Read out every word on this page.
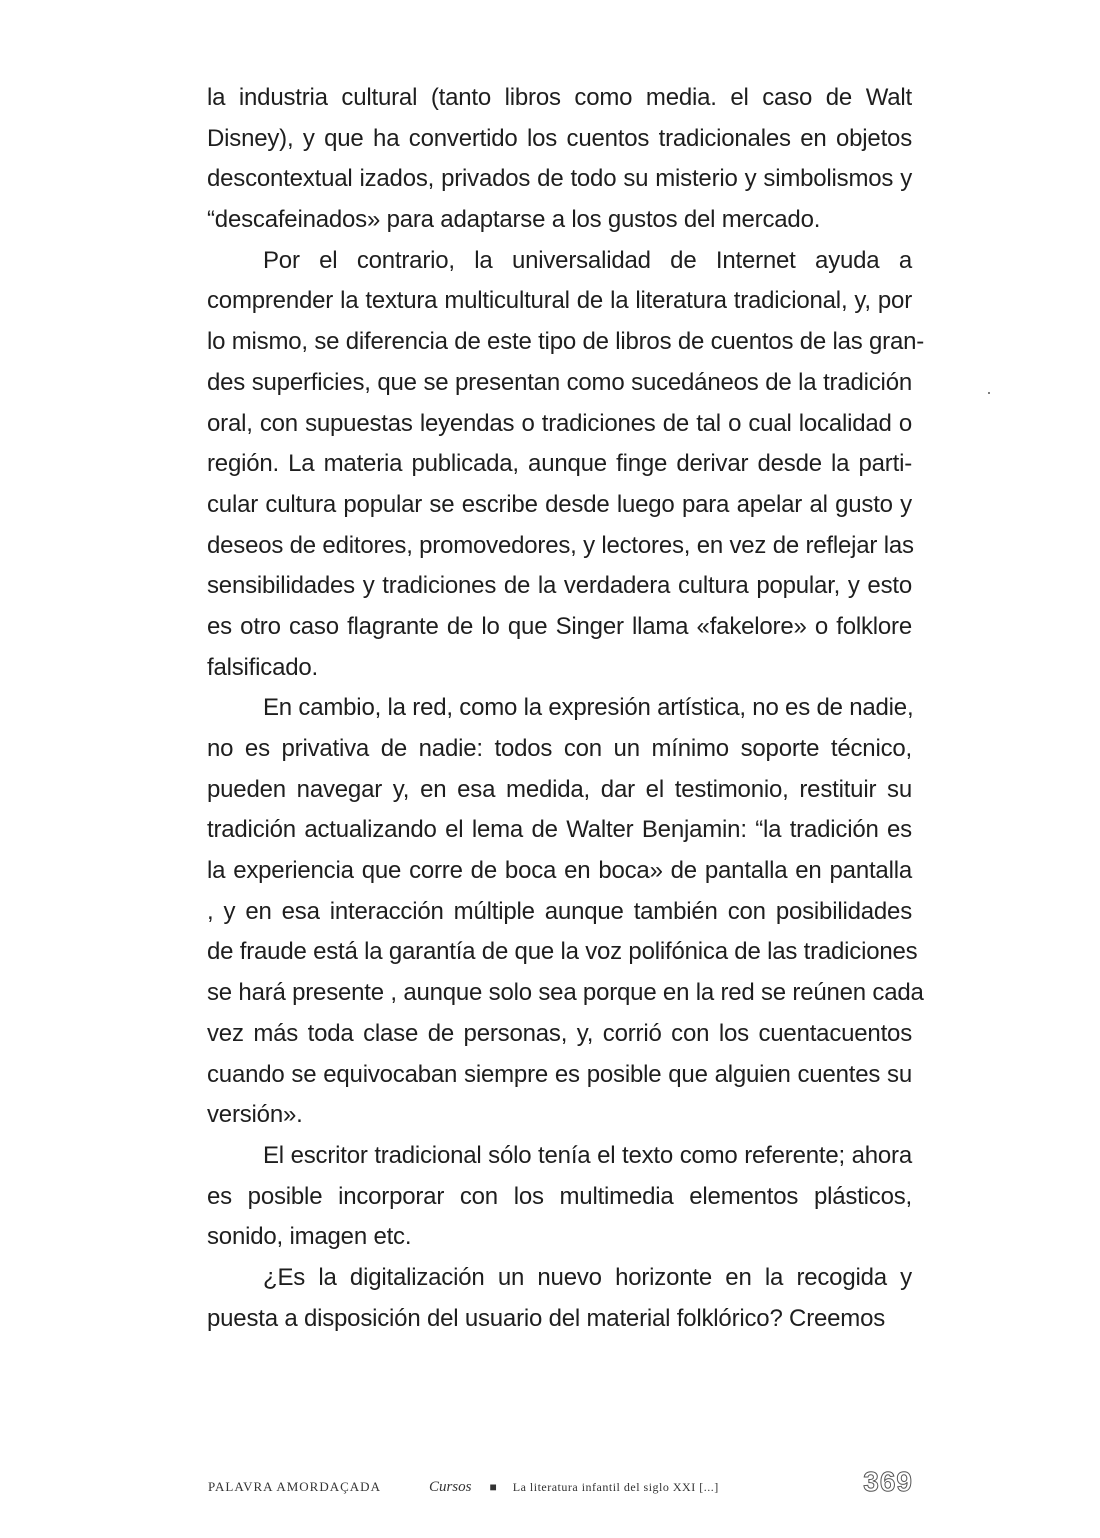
la industria cultural (tanto libros como media. el caso de Walt
Disney), y que ha convertido los cuentos tradicionales en objetos
descontextual izados, privados de todo su misterio y simbolismos y
“descafeinados» para adaptarse a los gustos del mercado.
Por el contrario, la universalidad de Internet ayuda a
comprender la textura multicultural de la literatura tradicional, y, por
lo mismo, se diferencia de este tipo de libros de cuentos de las gran-
des superficies, que se presentan como sucedáneos de la tradición
oral, con supuestas leyendas o tradiciones de tal o cual localidad o
región. La materia publicada, aunque finge derivar desde la parti-
cular cultura popular se escribe desde luego para apelar al gusto y
deseos de editores, promovedores, y lectores, en vez de reflejar las
sensibilidades y tradiciones de la verdadera cultura popular, y esto
es otro caso flagrante de lo que Singer llama «fakelore» o folklore
falsificado.
En cambio, la red, como la expresión artística, no es de nadie,
no es privativa de nadie: todos con un mínimo soporte técnico,
pueden navegar y, en esa medida, dar el testimonio, restituir su
tradición actualizando el lema de Walter Benjamin: “la tradición es
la experiencia que corre de boca en boca» de pantalla en pantalla
, y en esa interacción múltiple aunque también con posibilidades
de fraude está la garantía de que la voz polifónica de las tradiciones
se hará presente , aunque solo sea porque en la red se reúnen cada
vez más toda clase de personas, y, corrió con los cuentacuentos
cuando se equivocaban siempre es posible que alguien cuentes su
versión».
El escritor tradicional sólo tenía el texto como referente; ahora
es posible incorporar con los multimedia elementos plásticos,
sonido, imagen etc.
¿Es la digitalización un nuevo horizonte en la recogida y
puesta a disposición del usuario del material folklórico? Creemos
PALAVRA AMORDAÇADA	Cursos ■ La literatura infantil del siglo XXI [...]	369
